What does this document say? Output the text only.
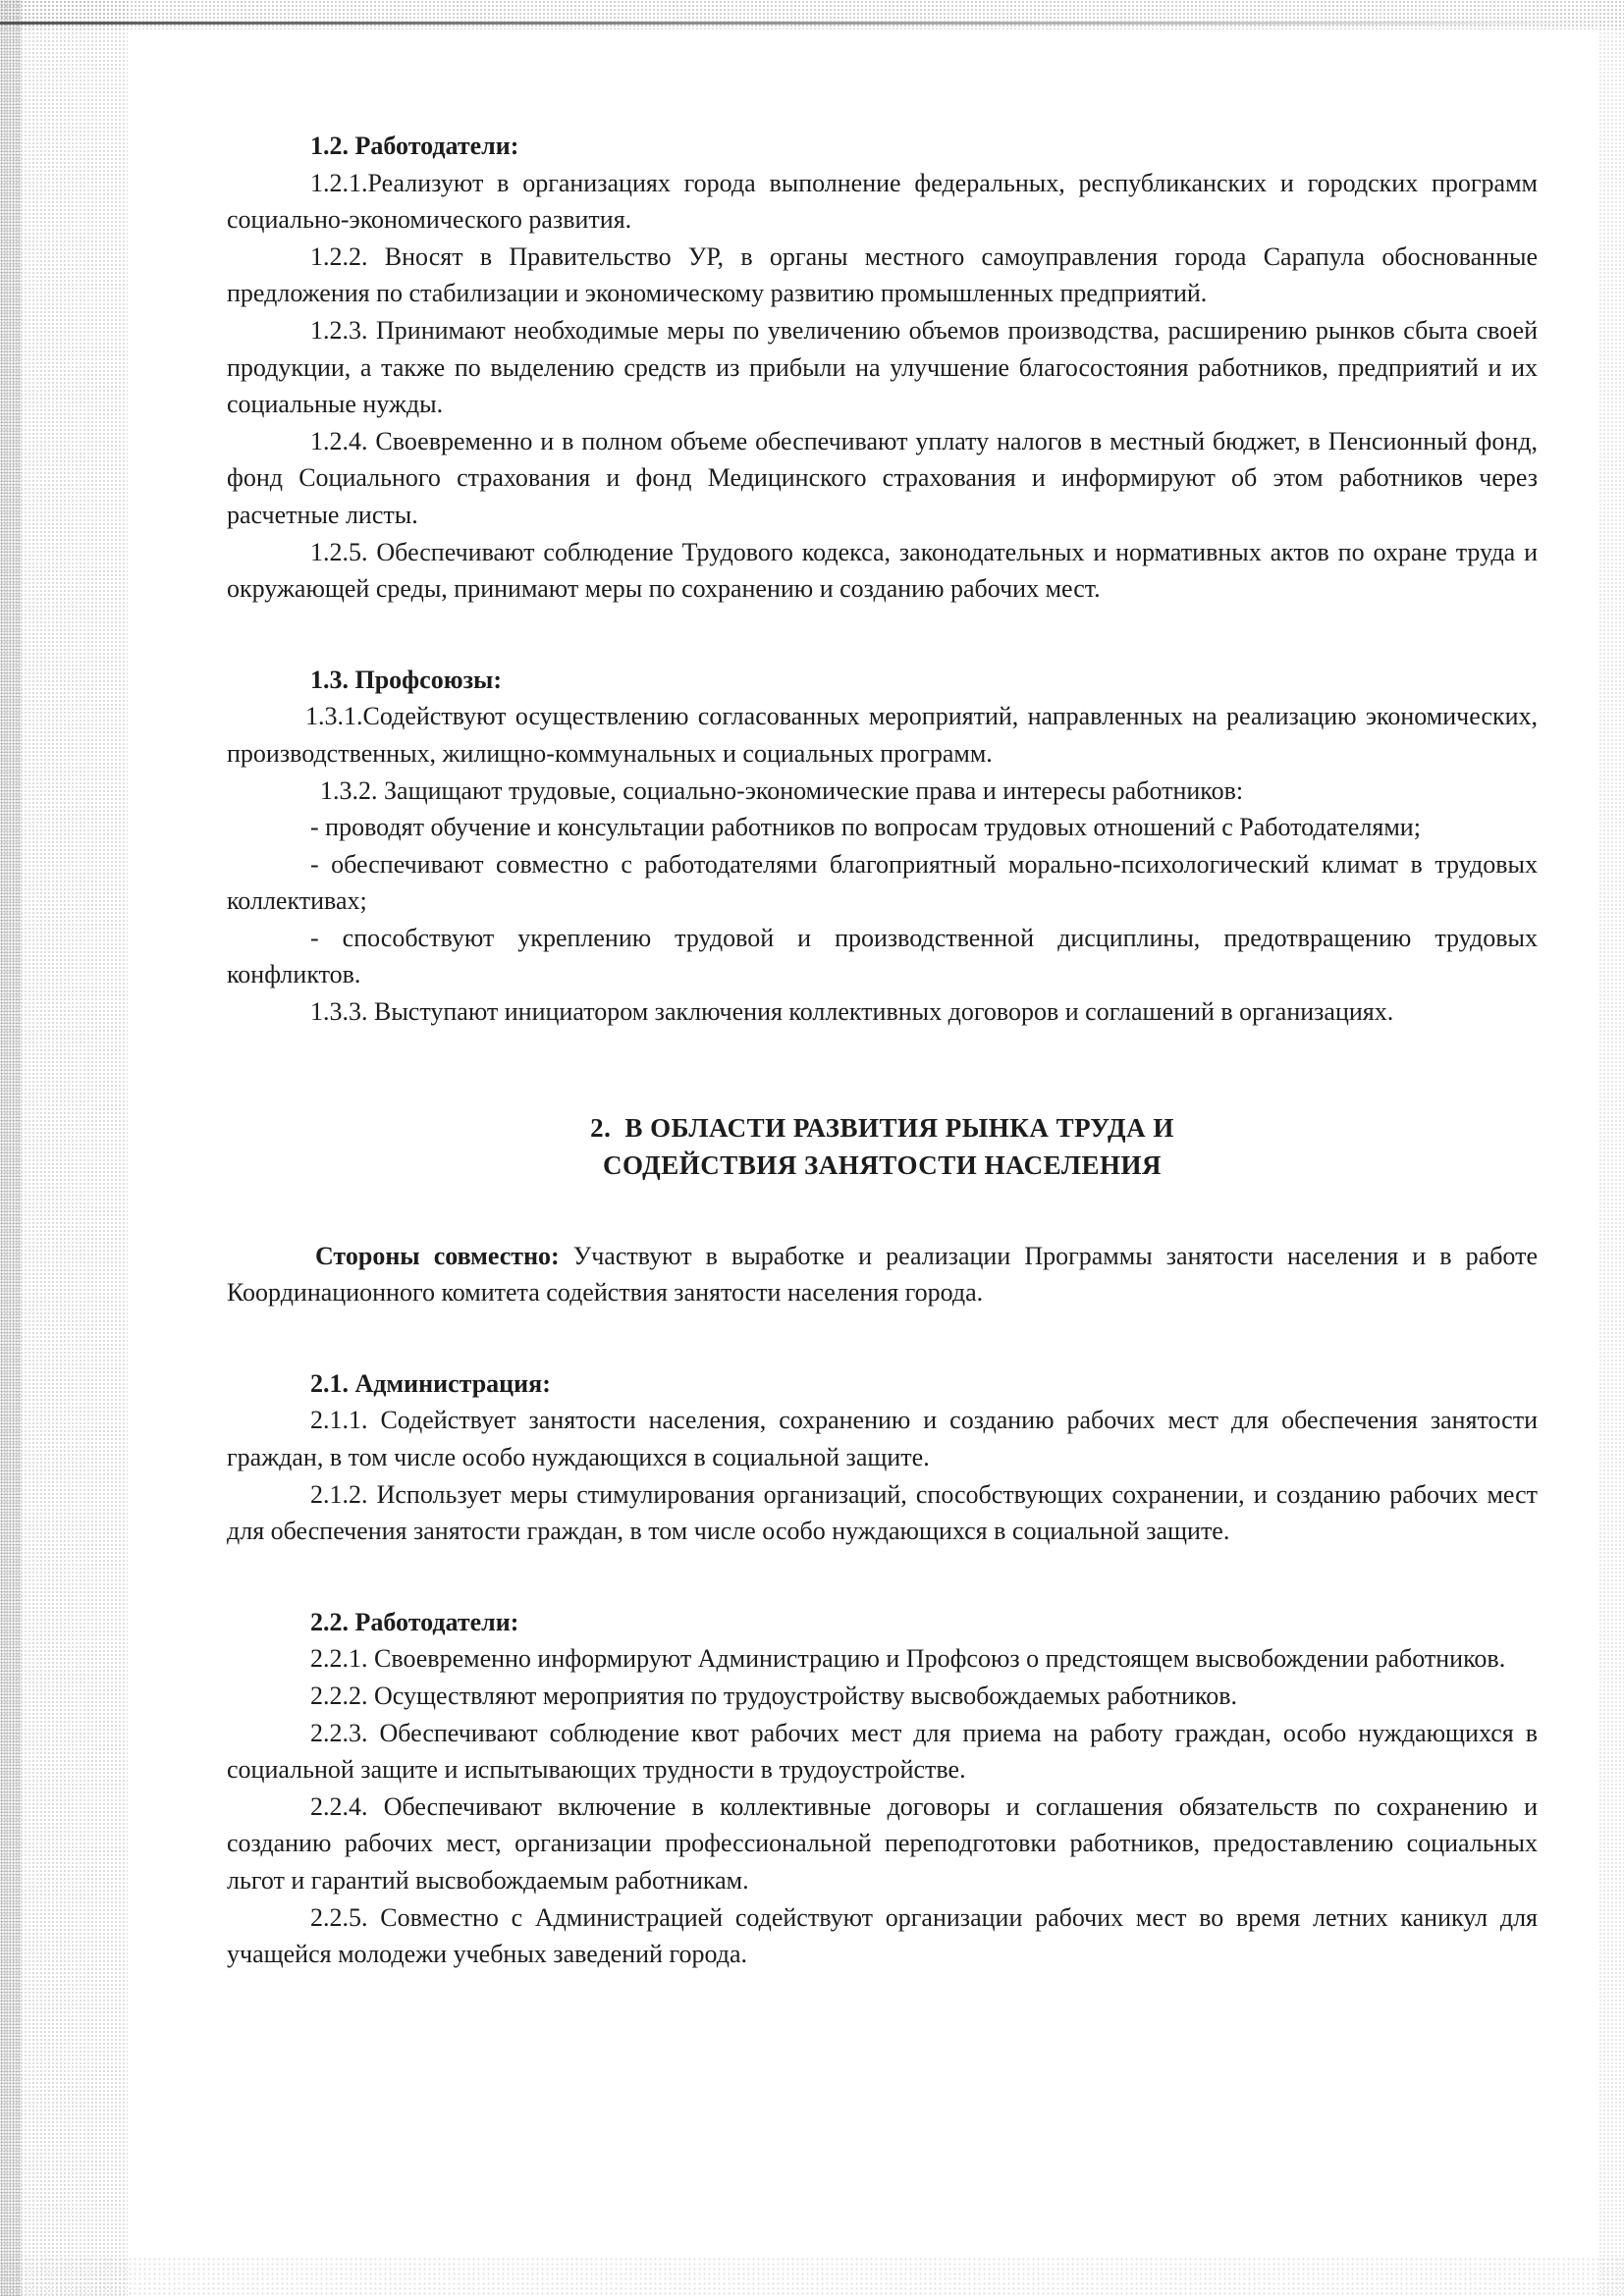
1.2. Работодатели:

1.2.1.Реализуют в организациях города выполнение федеральных, республиканских и городских программ социально-экономического развития.

1.2.2. Вносят в Правительство УР, в органы местного самоуправления города Сарапула обоснованные предложения по стабилизации и экономическому развитию промышленных предприятий.

1.2.3. Принимают необходимые меры по увеличению объемов производства, расширению рынков сбыта своей продукции, а также по выделению средств из прибыли на улучшение благосостояния работников, предприятий и их социальные нужды.

1.2.4. Своевременно и в полном объеме обеспечивают уплату налогов в местный бюджет, в Пенсионный фонд, фонд Социального страхования и фонд Медицинского страхования и информируют об этом работников через расчетные листы.

1.2.5. Обеспечивают соблюдение Трудового кодекса, законодательных и нормативных актов по охране труда и окружающей среды, принимают меры по сохранению и созданию рабочих мест.

1.3. Профсоюзы:

1.3.1.Содействуют осуществлению согласованных мероприятий, направленных на реализацию экономических, производственных, жилищно-коммунальных и социальных программ.

1.3.2. Защищают трудовые, социально-экономические права и интересы работников:

- проводят обучение и консультации работников по вопросам трудовых отношений с Работодателями;

- обеспечивают совместно с работодателями благоприятный морально-психологический климат в трудовых коллективах;

- способствуют укреплению трудовой и производственной дисциплины, предотвращению трудовых конфликтов.

1.3.3. Выступают инициатором заключения коллективных договоров и соглашений в организациях.

2. В ОБЛАСТИ РАЗВИТИЯ РЫНКА ТРУДА И

СОДЕЙСТВИЯ ЗАНЯТОСТИ НАСЕЛЕНИЯ

Стороны совместно: Участвуют в выработке и реализации Программы занятости населения и в работе Координационного комитета содействия занятости населения города.

2.1. Администрация:

2.1.1. Содействует занятости населения, сохранению и созданию рабочих мест для обеспечения занятости граждан, в том числе особо нуждающихся в социальной защите.

2.1.2. Использует меры стимулирования организаций, способствующих сохранении, и созданию рабочих мест для обеспечения занятости граждан, в том числе особо нуждающихся в социальной защите.

2.2. Работодатели:

2.2.1. Своевременно информируют Администрацию и Профсоюз о предстоящем высвобождении работников.

2.2.2. Осуществляют мероприятия по трудоустройству высвобождаемых работников.

2.2.3. Обеспечивают соблюдение квот рабочих мест для приема на работу граждан, особо нуждающихся в социальной защите и испытывающих трудности в трудоустройстве.

2.2.4. Обеспечивают включение в коллективные договоры и соглашения обязательств по сохранению и созданию рабочих мест, организации профессиональной переподготовки работников, предоставлению социальных льгот и гарантий высвобождаемым работникам.

2.2.5. Совместно с Администрацией содействуют организации рабочих мест во время летних каникул для учащейся молодежи учебных заведений города.
